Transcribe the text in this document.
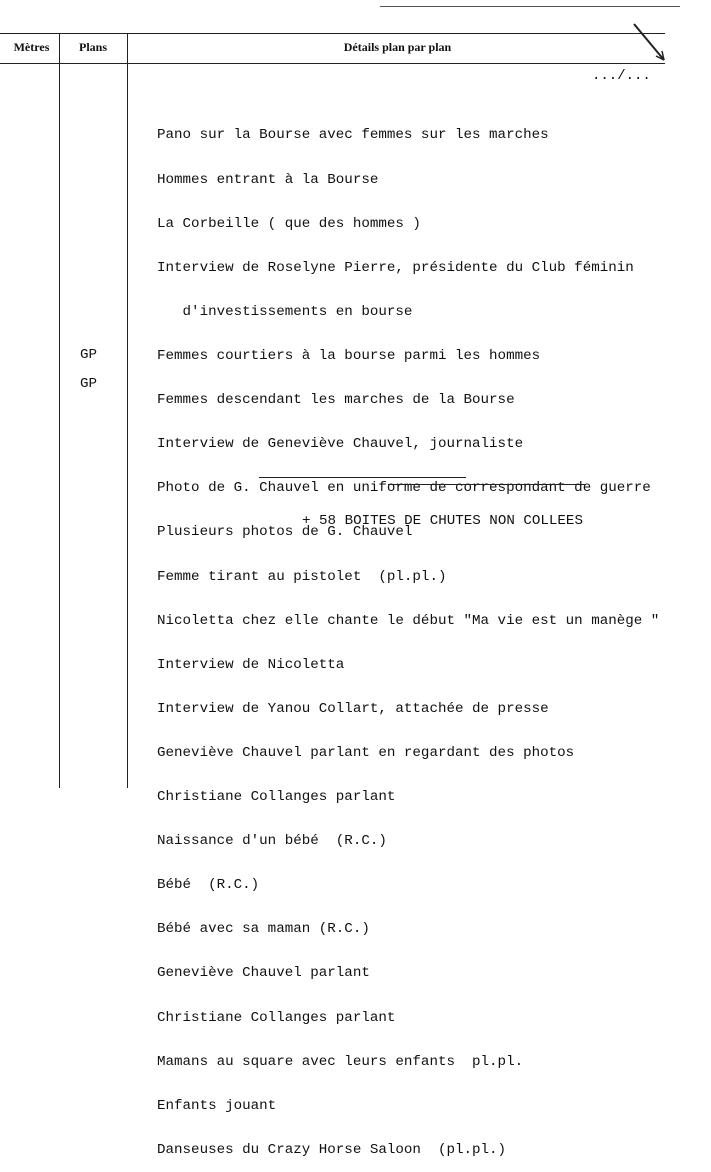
Mètres	Plans	Détails plan par plan
.../...

Pano sur la Bourse avec femmes sur les marches

Hommes entrant à la Bourse

La Corbeille ( que des hommes )

Interview de Roselyne Pierre, présidente du Club féminin

d'investissements en bourse

Femmes courtiers à la bourse parmi les hommes

Femmes descendant les marches de la Bourse

Interview de Geneviève Chauvel, journaliste

Photo de G. Chauvel en uniforme de correspondant de guerre

Plusieurs photos de G. Chauvel

Femme tirant au pistolet  (pl.pl.)

Nicoletta chez elle chante le début "Ma vie est un manège "

Interview de Nicoletta

Interview de Yanou Collart, attachée de presse

Geneviève Chauvel parlant en regardant des photos

Christiane Collanges parlant

Naissance d'un bébé  (R.C.)

Bébé  (R.C.)

Bébé avec sa maman (R.C.)

Geneviève Chauvel parlant

Christiane Collanges parlant

Mamans au square avec leurs enfants  pl.pl.

Enfants jouant

Danseuses du Crazy Horse Saloon  (pl.pl.)

GP
GP
+ 58 BOITES DE CHUTES NON COLLEES
